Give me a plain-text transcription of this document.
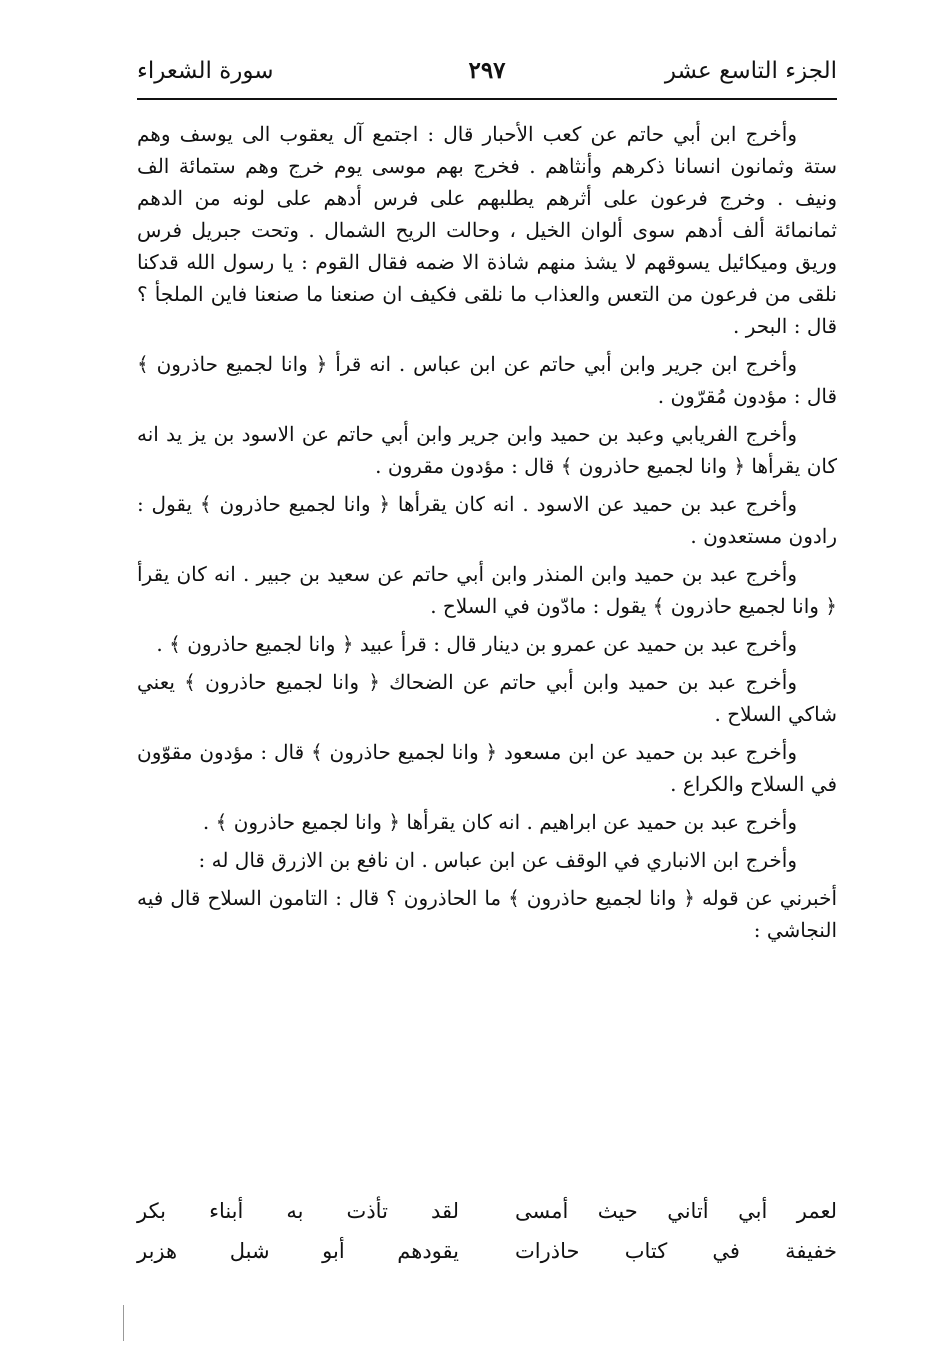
الجزء التاسع عشر
٢٩٧
سورة الشعراء

وأخرج ابن أبي حاتم عن كعب الأحبار قال : اجتمع آل يعقوب الى يوسف وهم ستة وثمانون انسانا ذكرهم وأنثاهم . فخرج بهم موسى يوم خرج وهم ستمائة الف ونيف . وخرج فرعون على أثرهم يطلبهم على فرس أدهم على لونه من الدهم ثمانمائة ألف أدهم سوى ألوان الخيل ، وحالت الريح الشمال . وتحت جبريل فرس وريق وميكائيل يسوقهم لا يشذ منهم شاذة الا ضمه فقال القوم : يا رسول الله قدكنا نلقى من فرعون من التعس والعذاب ما نلقى فكيف ان صنعنا ما صنعنا فاين الملجأ ؟ قال : البحر .

وأخرج ابن جرير وابن أبي حاتم عن ابن عباس . انه قرأ ﴿ وانا لجميع حاذرون ﴾ قال : مؤدون مُقرّون .

وأخرج الفريابي وعبد بن حميد وابن جرير وابن أبي حاتم عن الاسود بن يز يد انه كان يقرأها ﴿ وانا لجميع حاذرون ﴾ قال : مؤدون مقرون .

وأخرج عبد بن حميد عن الاسود . انه كان يقرأها ﴿ وانا لجميع حاذرون ﴾ يقول : رادون مستعدون .

وأخرج عبد بن حميد وابن المنذر وابن أبي حاتم عن سعيد بن جبير . انه كان يقرأ ﴿ وانا لجميع حاذرون ﴾ يقول : مادّون في السلاح .

وأخرج عبد بن حميد عن عمرو بن دينار قال : قرأ عبيد ﴿ وانا لجميع حاذرون ﴾ .

وأخرج عبد بن حميد وابن أبي حاتم عن الضحاك ﴿ وانا لجميع حاذرون ﴾ يعني شاكي السلاح .

وأخرج عبد بن حميد عن ابن مسعود ﴿ وانا لجميع حاذرون ﴾ قال : مؤدون مقوّون في السلاح والكراع .

وأخرج عبد بن حميد عن ابراهيم . انه كان يقرأها ﴿ وانا لجميع حاذرون ﴾ .

وأخرج ابن الانباري في الوقف عن ابن عباس . ان نافع بن الازرق قال له :

أخبرني عن قوله ﴿ وانا لجميع حاذرون ﴾ ما الحاذرون ؟ قال : التامون السلاح قال فيه النجاشي :

لعمر أبي أتاني حيث أمسى
لقد تأذت به أبناء بكر
خفيفة في كتاب حاذرات
يقودهم أبو شبل هزبر
